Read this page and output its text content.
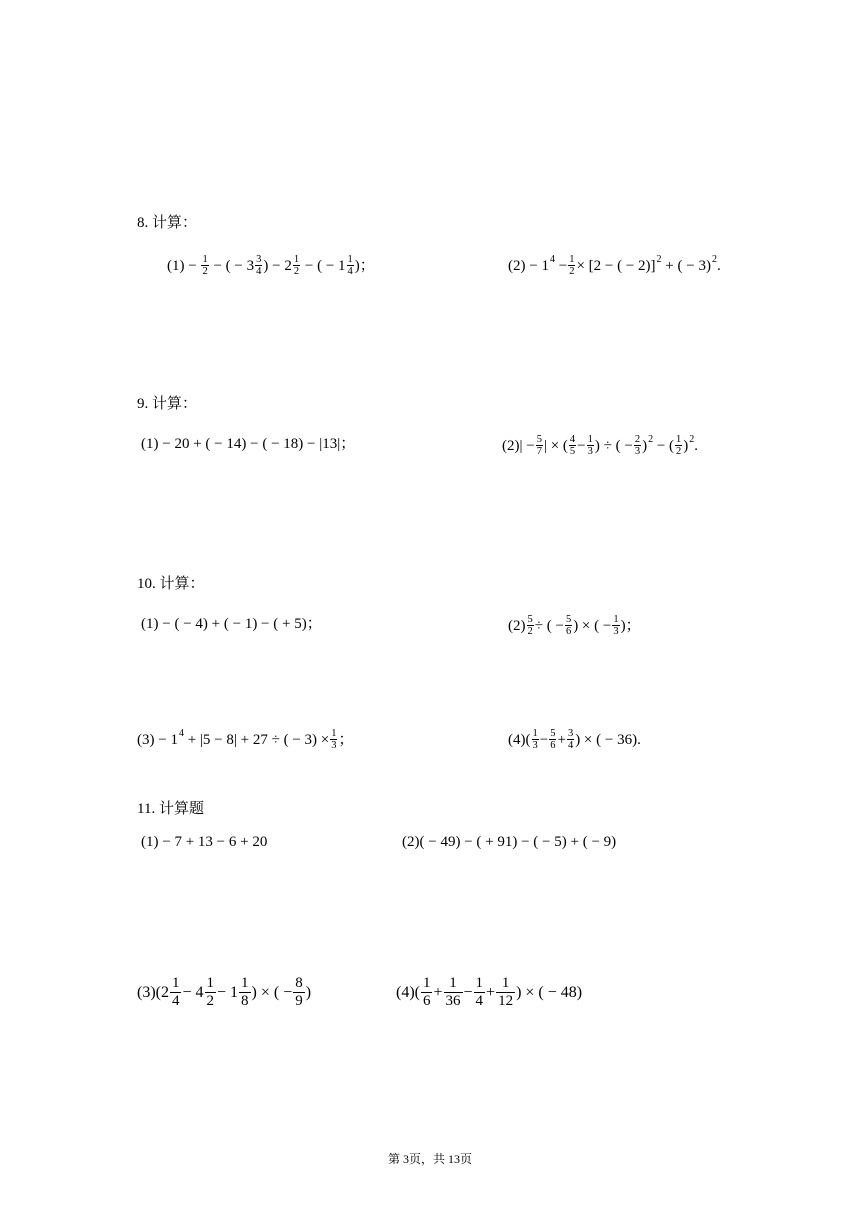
8. 计算：
(1)
−
$\frac{1}{2}$
− ( − $3 \frac{3}{4}$ ) − $2 \frac{1}{2}$
− ( − $1 \frac{1}{4}$ )；	(2)
− 1 4
− $\frac{1}{2} \times [2$ − ( − 2)] 2
+ ( − 3) 2 .
9. 计算：
(1) − 20 + ( − 14) − ( − 18) − |13|；	$(2)| - \frac{5}{7}$ | × ( $\frac{4}{5} - \frac{1}{3}$ ) ÷ ( − $\frac{2}{3}$ ) 2
− ( $\frac{1}{2}$ ) 2 .
10. 计算：
(1) − ( − 4) + ( − 1) − ( + 5)；	$(2) \frac{5}{2}$ ÷ ( − $\frac{5}{6}$ ) × ( − $\frac{1}{3}$ )；
(3) − 1 4
+ |5 − 8| + 27 ÷ ( − $3) \times \frac{1}{3}$ ；	$(4)( \frac{1}{3} - \frac{5}{6} + \frac{3}{4}$ ) × ( − 36).
11. 计算题
(1) − 7 + 13 − 6 + 20	(2)( − 49) − ( + 91) − ( − 5) + ( − 9)
$(3)(2 \frac{1}{4} - 4 \frac{1}{2} - 1 \frac{1}{8}$ ) × ( − $\frac{8}{9}$ )	$(4)( \frac{1}{6} + \frac{1}{36} - \frac{1}{4} + \frac{1}{12}$ ) × ( − 48)
第 3页，共 13页
